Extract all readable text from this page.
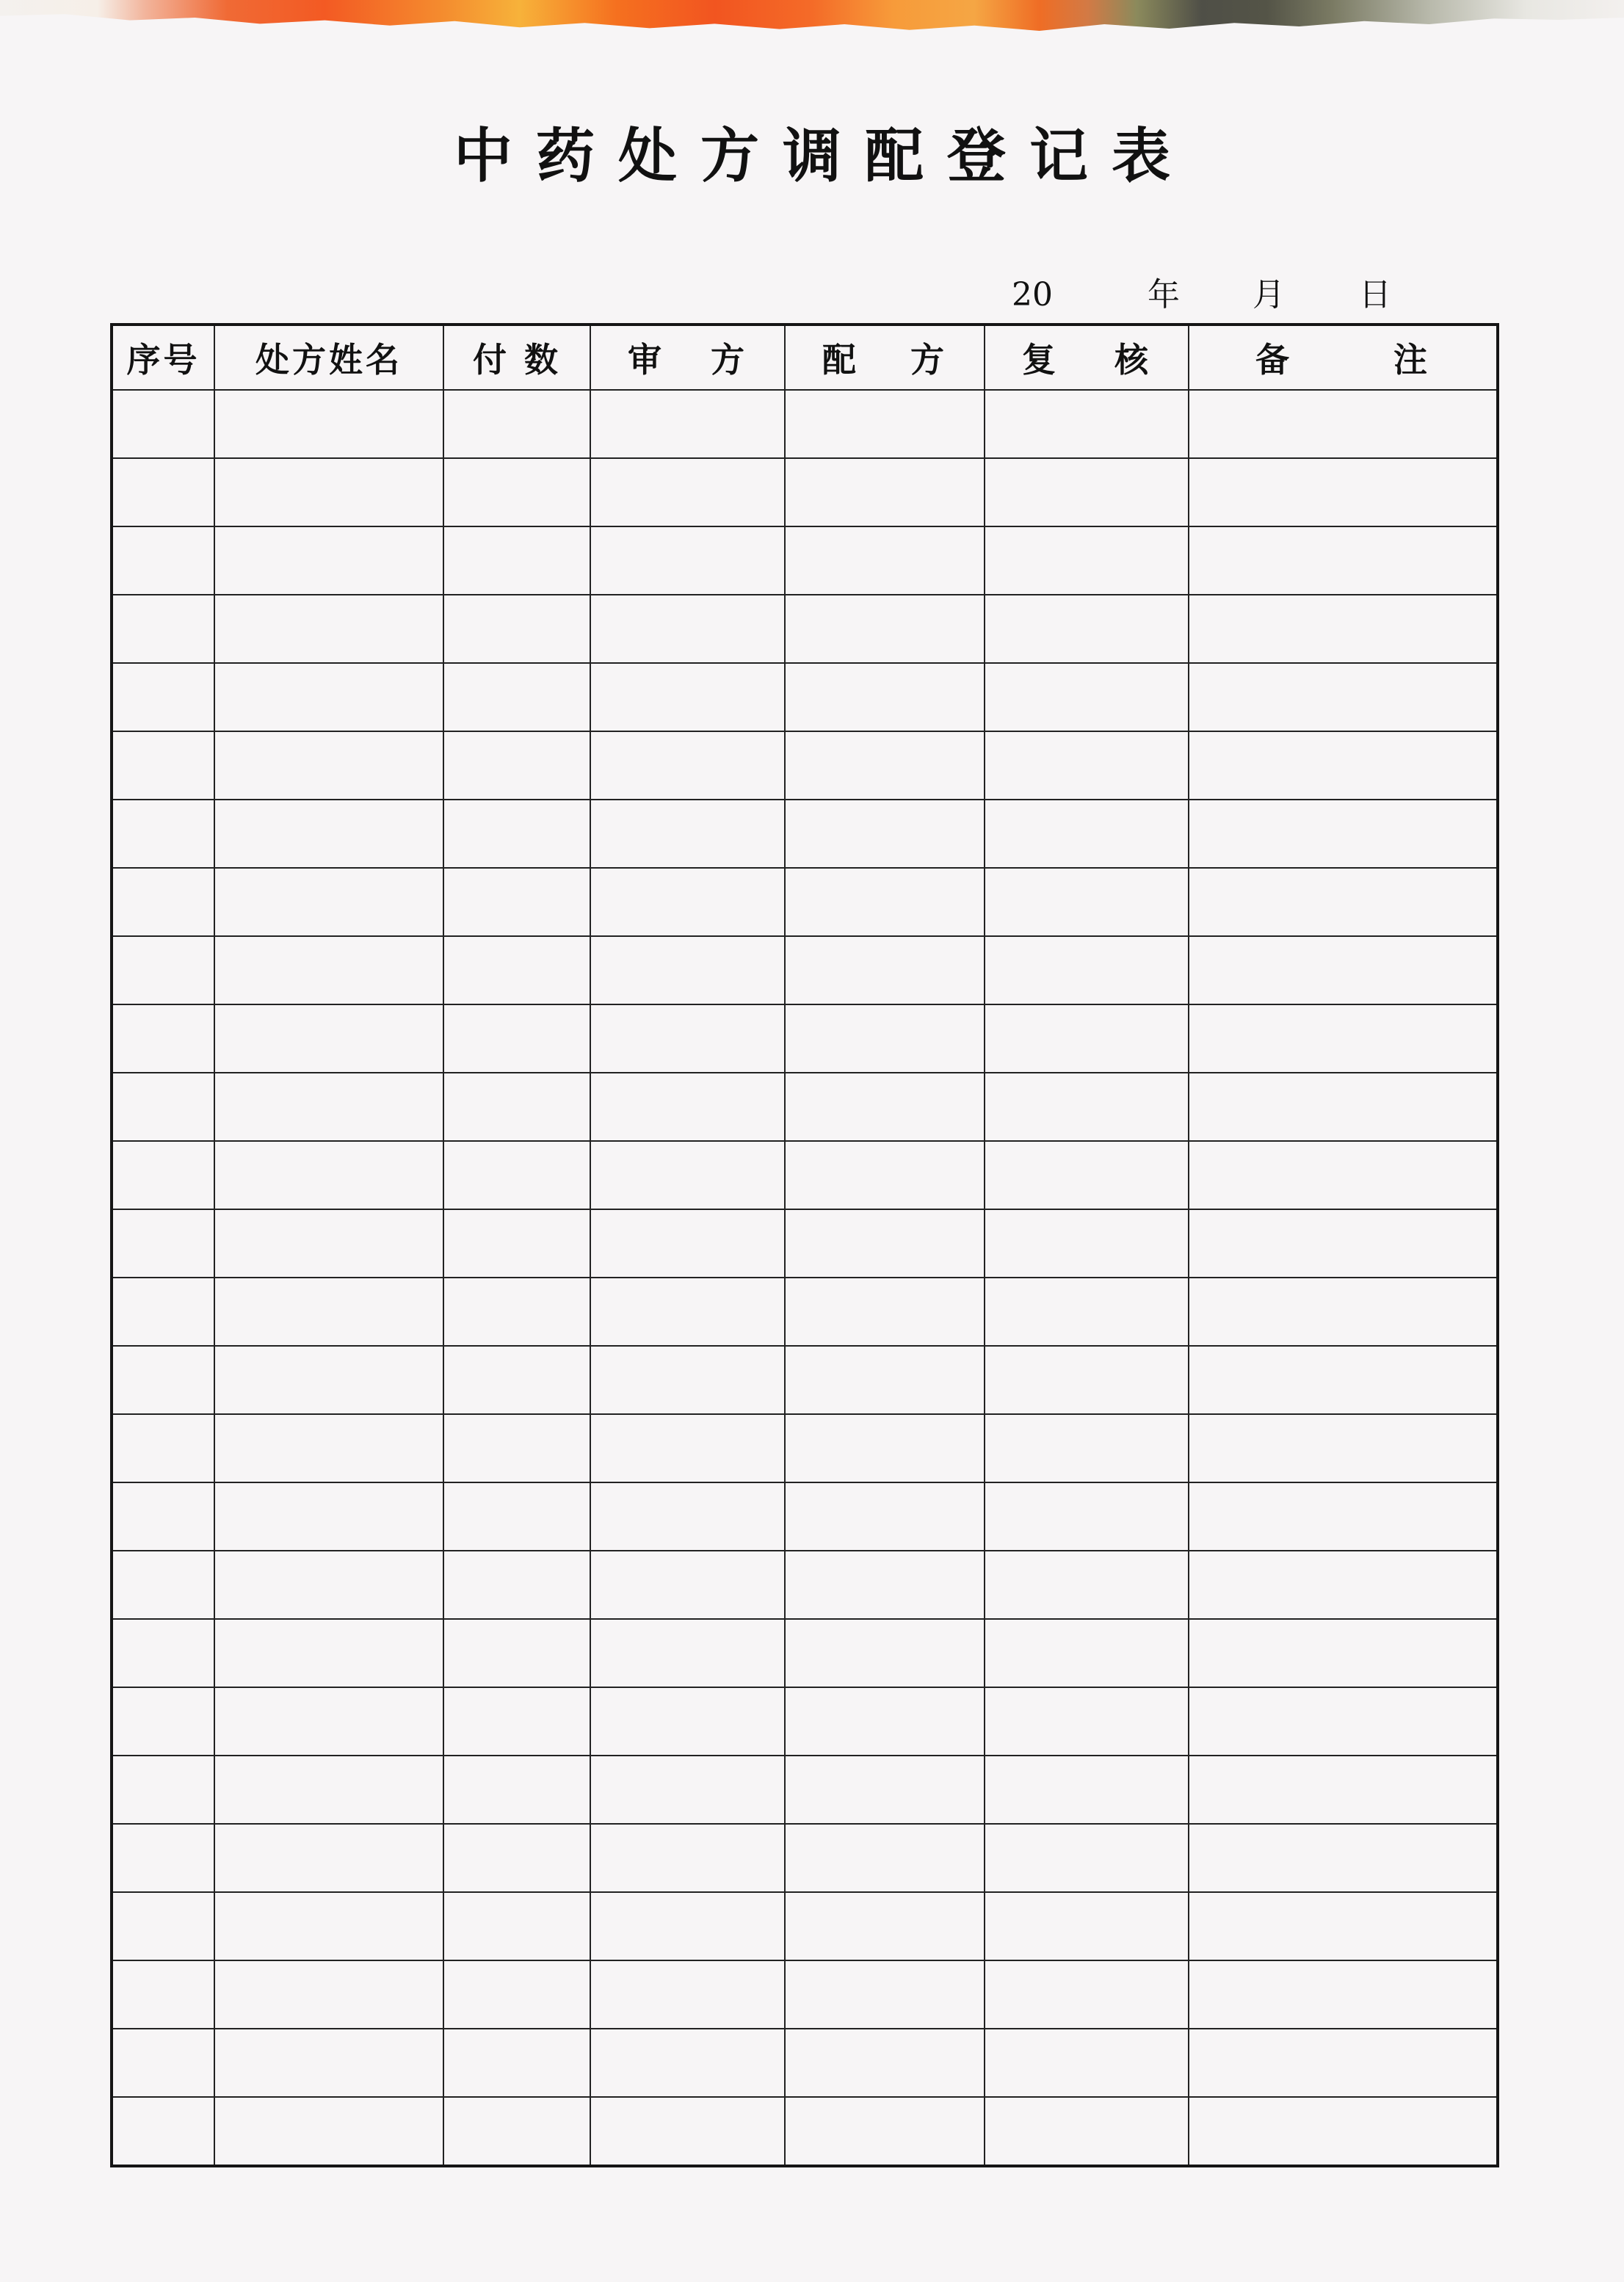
中药处方调配登记表
20	年 月 日
序号	处方姓名	付 数	审 方	配 方	复 核	备 注
